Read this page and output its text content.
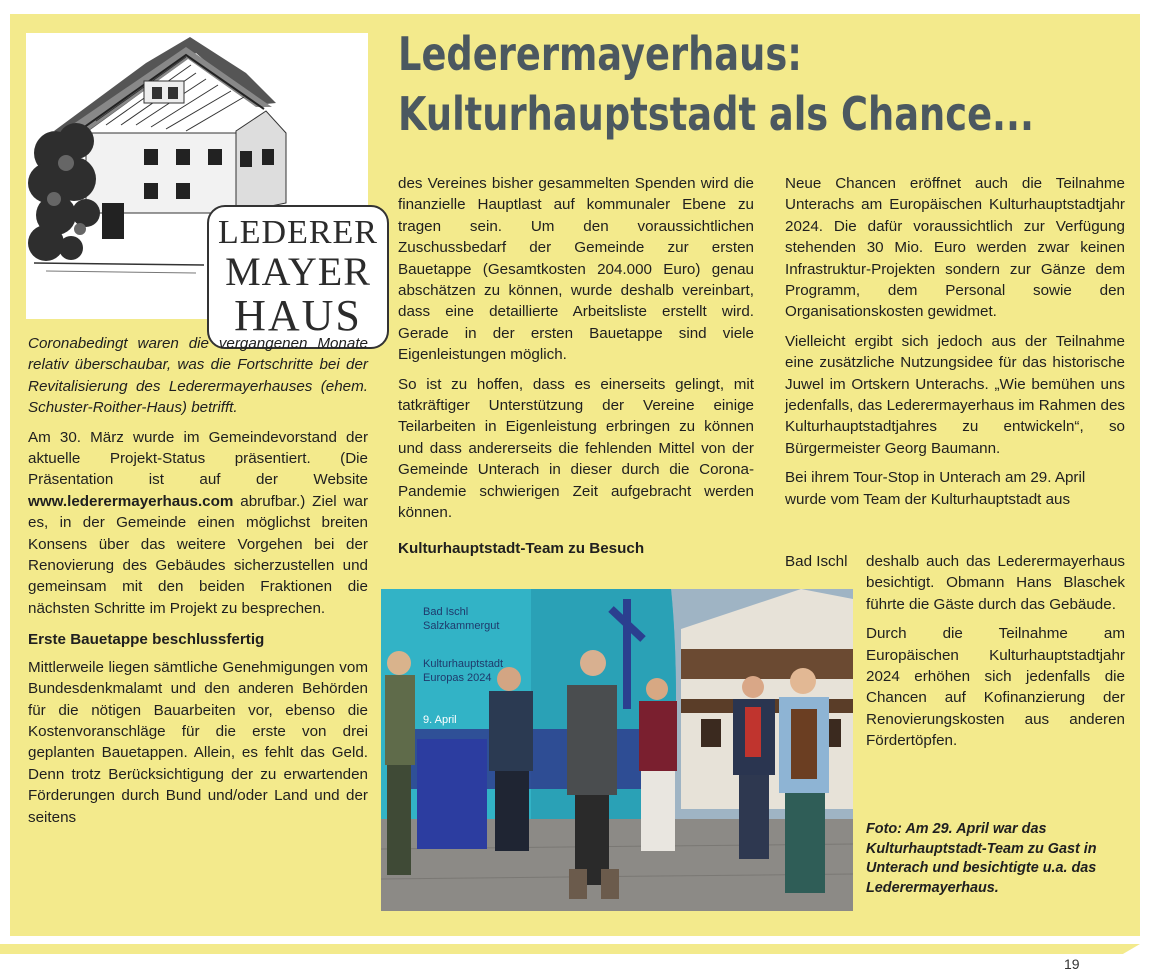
LEDERER
MAYER
HAUS
Lederermayerhaus:
Kulturhauptstadt als Chance...

Coronabedingt waren die vergangenen Monate relativ überschaubar, was die Fortschritte bei der Revitalisierung des Lederermayerhauses (ehem. Schuster-Roither-Haus) betrifft.

Am 30. März wurde im Gemeindevorstand der aktuelle Projekt-Status präsentiert. (Die Präsentation ist auf der Website www.lederermayerhaus.com abrufbar.) Ziel war es, in der Gemeinde einen möglichst breiten Konsens über das weitere Vorgehen bei der Renovierung des Gebäudes sicherzustellen und gemeinsam mit den beiden Fraktionen die nächsten Schritte im Projekt zu besprechen.

Erste Bauetappe beschlussfertig

Mittlerweile liegen sämtliche Genehmigungen vom Bundesdenkmalamt und den anderen Behörden für die nötigen Bauarbeiten vor, ebenso die Kostenvoranschläge für die erste von drei geplanten Bauetappen. Allein, es fehlt das Geld. Denn trotz Berücksichtigung der zu erwartenden Förderungen durch Bund und/oder Land und der seitens

des Vereines bisher gesammelten Spenden wird die finanzielle Hauptlast auf kommunaler Ebene zu tragen sein. Um den voraussichtlichen Zuschussbedarf der Gemeinde zur ersten Bauetappe (Gesamtkosten 204.000 Euro) genau abschätzen zu können, wurde deshalb vereinbart, dass eine detaillierte Arbeitsliste erstellt wird. Gerade in der ersten Bauetappe sind viele Eigenleistungen möglich.

So ist zu hoffen, dass es einerseits gelingt, mit tatkräftiger Unterstützung der Vereine einige Teilarbeiten in Eigenleistung erbringen zu können und dass andererseits die fehlenden Mittel von der Gemeinde Unterach in dieser durch die Corona-Pandemie schwierigen Zeit aufgebracht werden können.

Kulturhauptstadt-Team zu Besuch
Bad Ischl
Salzkammergut
Kulturhauptstadt
Europas 2024
9. April

Neue Chancen eröffnet auch die Teilnahme Unterachs am Europäischen Kulturhauptstadtjahr 2024. Die dafür voraussichtlich zur Verfügung stehenden 30 Mio. Euro werden zwar keinen Infrastruktur-Projekten sondern zur Gänze dem Programm, dem Personal sowie den Organisationskosten gewidmet.

Vielleicht ergibt sich jedoch aus der Teilnahme eine zusätzliche Nutzungsidee für das historische Juwel im Ortskern Unterachs. „Wie bemühen uns jedenfalls, das Lederermayerhaus im Rahmen des Kulturhauptstadtjahres zu entwickeln“, so Bürgermeister Georg Baumann.

Bei ihrem Tour-Stop in Unterach am 29. April wurde vom Team der Kulturhauptstadt aus

Bad Ischl deshalb auch das Lederermayerhaus besichtigt. Obmann Hans Blaschek führte die Gäste durch das Gebäude.

Durch die Teilnahme am Europäischen Kulturhauptstadtjahr 2024 erhöhen sich jedenfalls die Chancen auf Kofinanzierung der Renovierungskosten aus anderen Fördertöpfen.

Foto: Am 29. April war das Kulturhauptstadt-Team zu Gast in Unterach und besichtigte u.a. das Lederermayerhaus.
19
